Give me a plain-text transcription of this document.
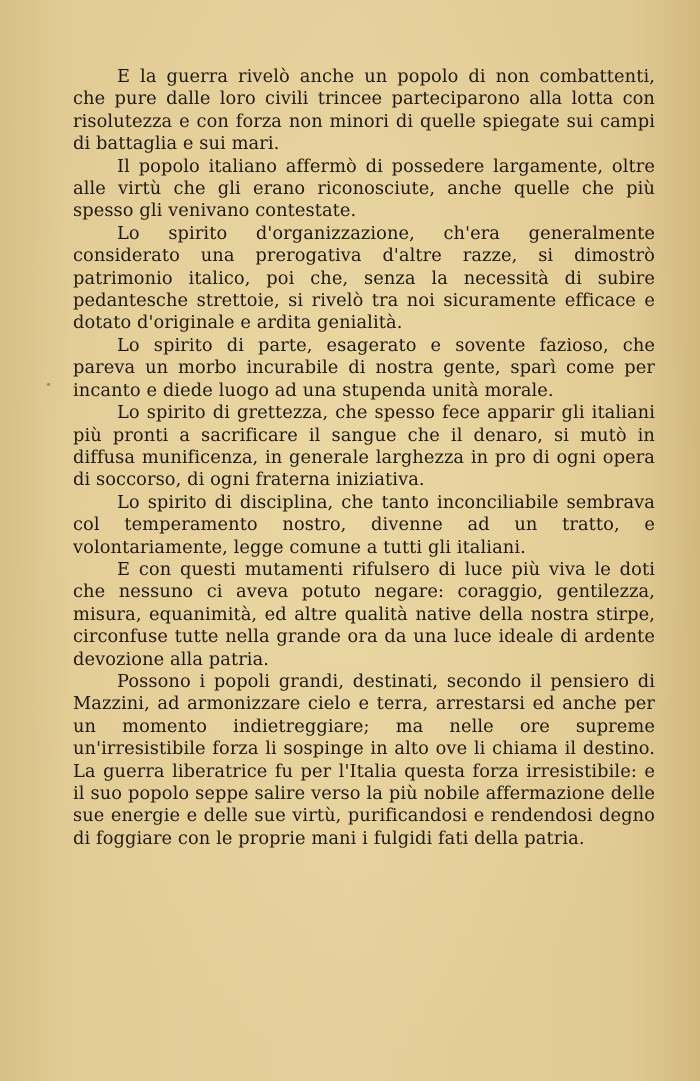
E la guerra rivelò anche un popolo di non combattenti, che pure dalle loro civili trincee parteciparono alla lotta con risolutezza e con forza non minori di quelle spiegate sui campi di battaglia e sui mari.

Il popolo italiano affermò di possedere largamente, oltre alle virtù che gli erano riconosciute, anche quelle che più spesso gli venivano contestate.

Lo spirito d'organizzazione, ch'era generalmente considerato una prerogativa d'altre razze, si dimostrò patrimonio italico, poi che, senza la necessità di subire pedantesche strettoie, si rivelò tra noi sicuramente efficace e dotato d'originale e ardita genialità.

Lo spirito di parte, esagerato e sovente fazioso, che pareva un morbo incurabile di nostra gente, sparì come per incanto e diede luogo ad una stupenda unità morale.

Lo spirito di grettezza, che spesso fece apparir gli italiani più pronti a sacrificare il sangue che il denaro, si mutò in diffusa munificenza, in generale larghezza in pro di ogni opera di soccorso, di ogni fraterna iniziativa.

Lo spirito di disciplina, che tanto inconciliabile sembrava col temperamento nostro, divenne ad un tratto, e volontariamente, legge comune a tutti gli italiani.

E con questi mutamenti rifulsero di luce più viva le doti che nessuno ci aveva potuto negare: coraggio, gentilezza, misura, equanimità, ed altre qualità native della nostra stirpe, circonfuse tutte nella grande ora da una luce ideale di ardente devozione alla patria.

Possono i popoli grandi, destinati, secondo il pensiero di Mazzini, ad armonizzare cielo e terra, arrestarsi ed anche per un momento indietreggiare; ma nelle ore supreme un'irresistibile forza li sospinge in alto ove li chiama il destino. La guerra liberatrice fu per l'Italia questa forza irresistibile: e il suo popolo seppe salire verso la più nobile affermazione delle sue energie e delle sue virtù, purificandosi e rendendosi degno di foggiare con le proprie mani i fulgidi fati della patria.
